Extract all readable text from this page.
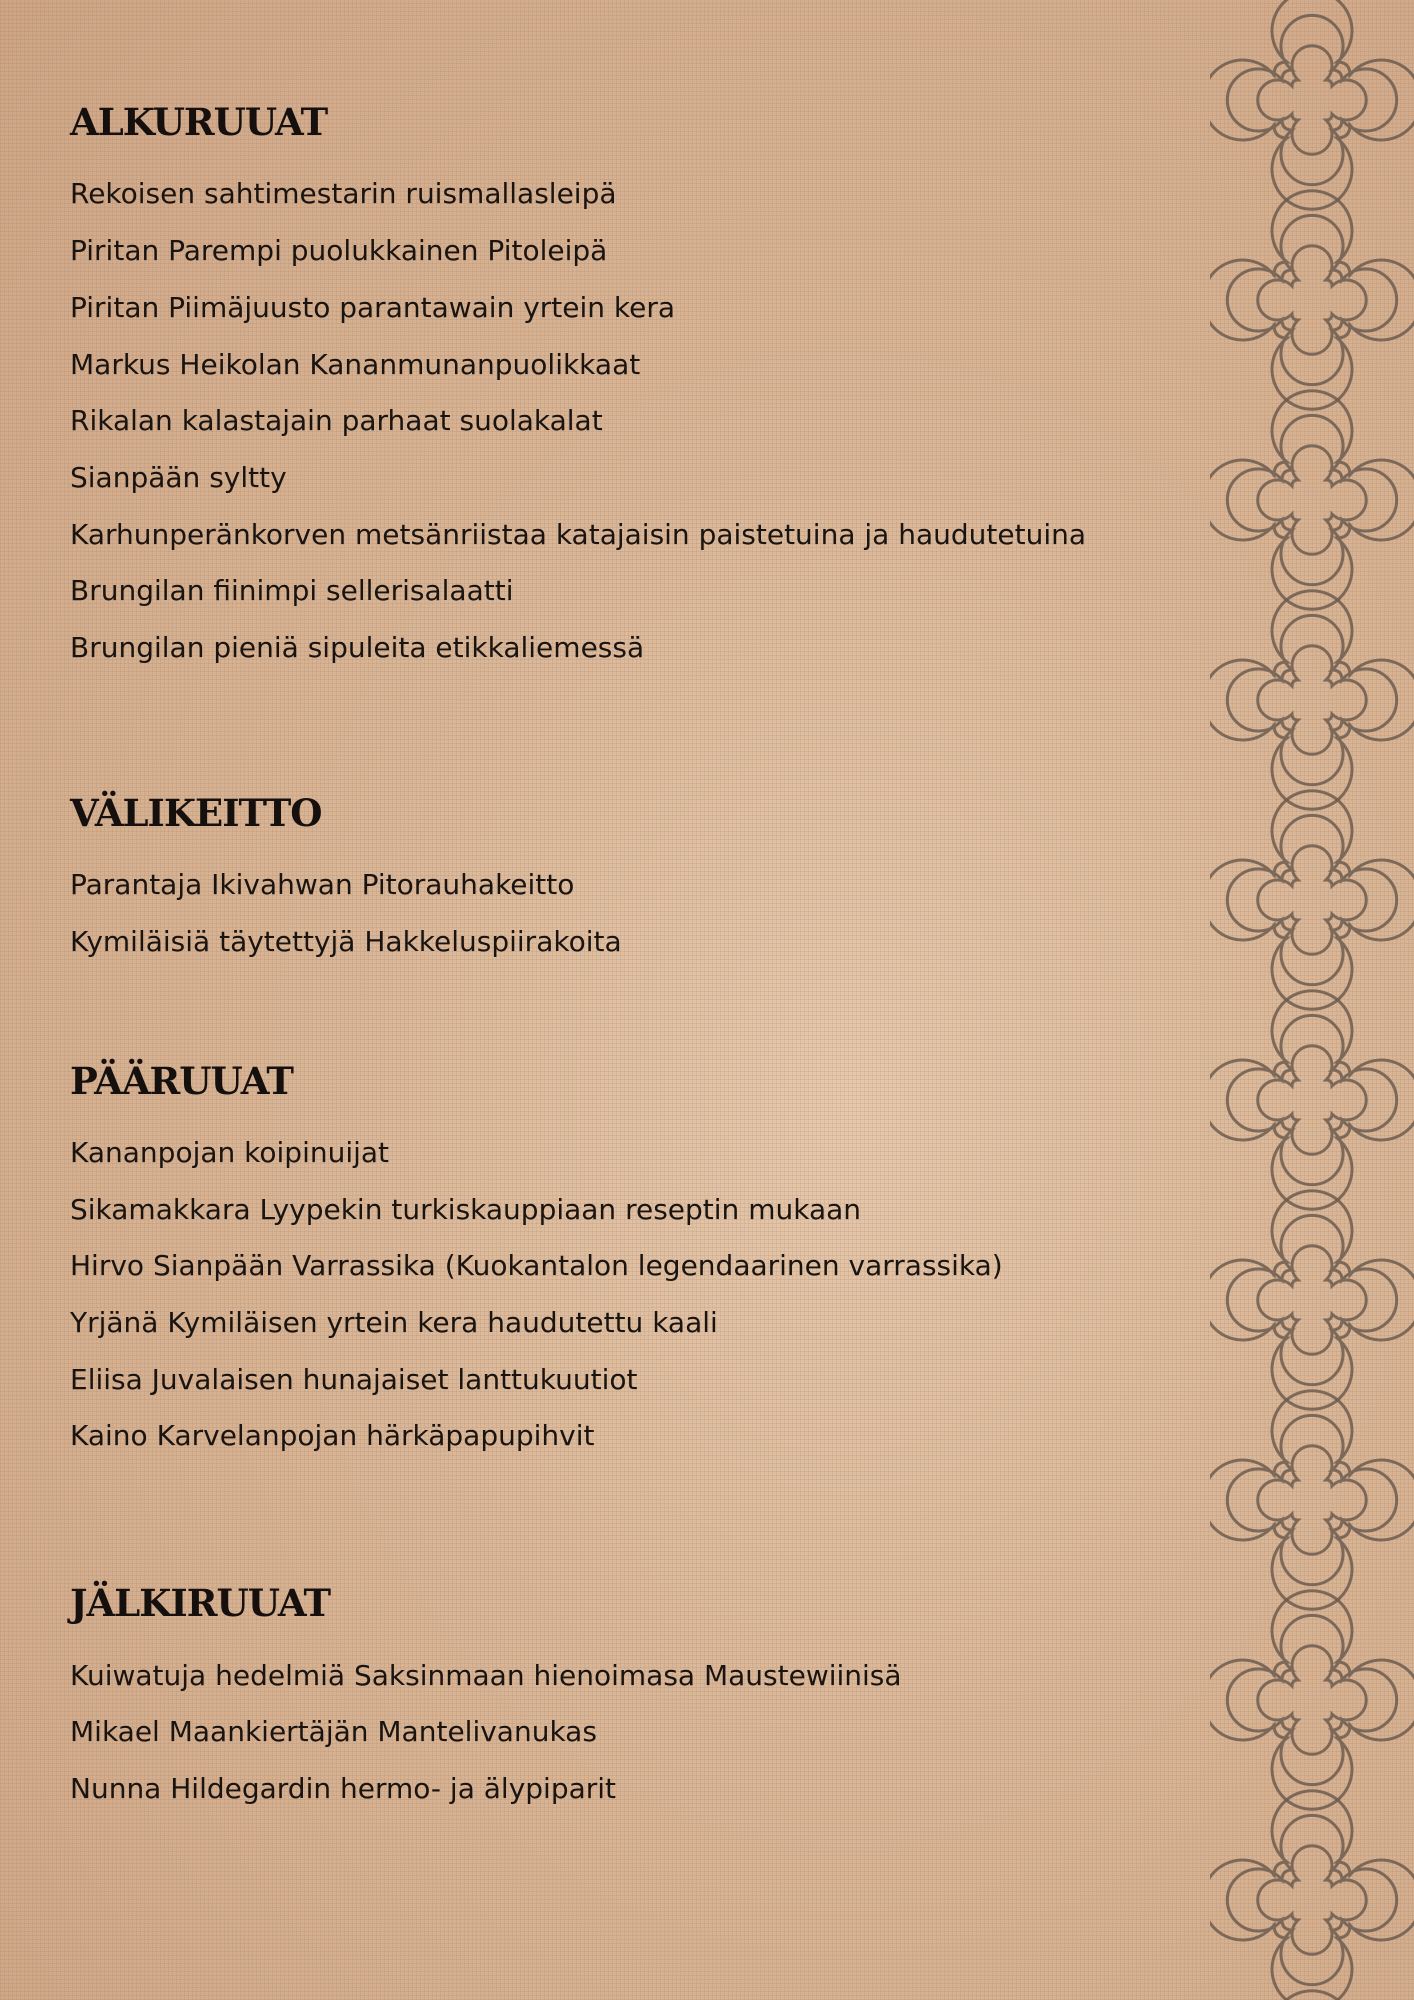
ALKURUUAT
Rekoisen sahtimestarin ruismallasleipä
Piritan Parempi puolukkainen Pitoleipä
Piritan Piimäjuusto parantawain yrtein kera
Markus Heikolan Kananmunanpuolikkaat
Rikalan kalastajain parhaat suolakalat
Sianpään syltty
Karhunperänkorven metsänriistaa katajaisin paistetuina ja haudutetuina
Brungilan fiinimpi sellerisalaatti
Brungilan pieniä sipuleita etikkaliemessä
VÄLIKEITTO
Parantaja Ikivahwan Pitorauhakeitto
Kymiläisiä täytettyjä Hakkeluspiirakoita
PÄÄRUUAT
Kananpojan koipinuijat
Sikamakkara Lyypekin turkiskauppiaan reseptin mukaan
Hirvo Sianpään Varrassika (Kuokantalon legendaarinen varrassika)
Yrjänä Kymiläisen yrtein kera haudutettu kaali
Eliisa Juvalaisen hunajaiset lanttukuutiot
Kaino Karvelanpojan härkäpapupihvit
JÄLKIRUUAT
Kuiwatuja hedelmiä Saksinmaan hienoimasa Maustewiinisä
Mikael Maankiertäjän Mantelivanukas
Nunna Hildegardin hermo- ja älypiparit
